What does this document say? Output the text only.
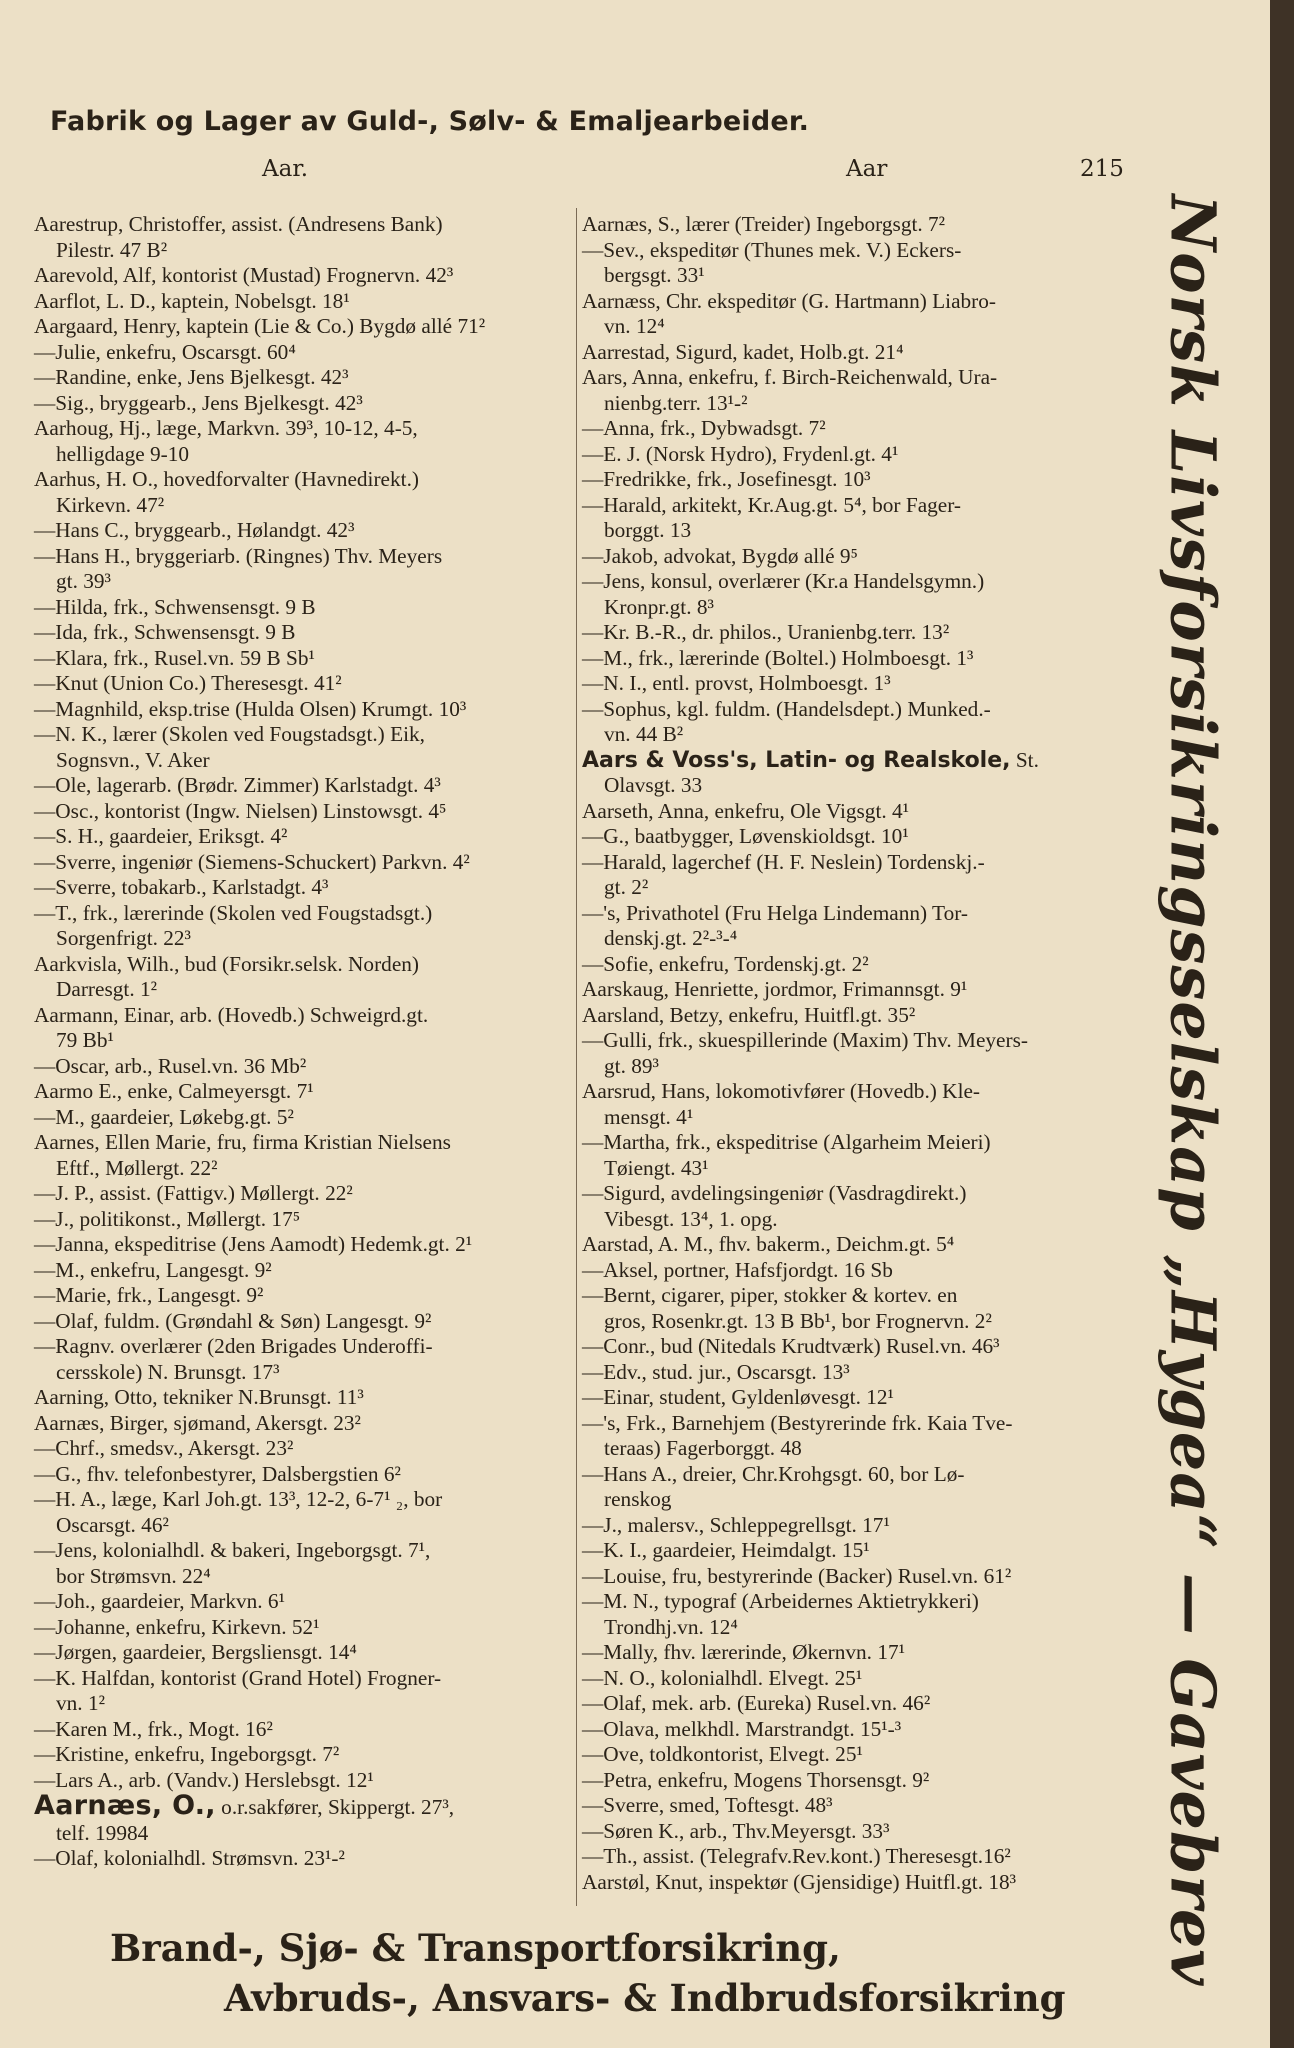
Fabrik og Lager av Guld-, Sølv- & Emaljearbeider.
Aar.	Aar	215
Aarestrup, Christoffer, assist. (Andresens Bank)
Pilestr. 47 B²
Aarevold, Alf, kontorist (Mustad) Frognervn. 42³
Aarflot, L. D., kaptein, Nobelsgt. 18¹
Aargaard, Henry, kaptein (Lie & Co.) Bygdø allé 71²
—Julie, enkefru, Oscarsgt. 60⁴
—Randine, enke, Jens Bjelkesgt. 42³
—Sig., bryggearb., Jens Bjelkesgt. 42³
Aarhoug, Hj., læge, Markvn. 39³, 10-12, 4-5,
helligdage 9-10
Aarhus, H. O., hovedforvalter (Havnedirekt.)
Kirkevn. 47²
—Hans C., bryggearb., Hølandgt. 42³
—Hans H., bryggeriarb. (Ringnes) Thv. Meyers
gt. 39³
—Hilda, frk., Schwensensgt. 9 B
—Ida, frk., Schwensensgt. 9 B
—Klara, frk., Rusel.vn. 59 B Sb¹
—Knut (Union Co.) Theresesgt. 41²
—Magnhild, eksp.trise (Hulda Olsen) Krumgt. 10³
—N. K., lærer (Skolen ved Fougstadsgt.) Eik,
Sognsvn., V. Aker
—Ole, lagerarb. (Brødr. Zimmer) Karlstadgt. 4³
—Osc., kontorist (Ingw. Nielsen) Linstowsgt. 4⁵
—S. H., gaardeier, Eriksgt. 4²
—Sverre, ingeniør (Siemens-Schuckert) Parkvn. 4²
—Sverre, tobakarb., Karlstadgt. 4³
—T., frk., lærerinde (Skolen ved Fougstadsgt.)
Sorgenfrigt. 22³
Aarkvisla, Wilh., bud (Forsikr.selsk. Norden)
Darresgt. 1²
Aarmann, Einar, arb. (Hovedb.) Schweigrd.gt.
79 Bb¹
—Oscar, arb., Rusel.vn. 36 Mb²
Aarmo E., enke, Calmeyersgt. 7¹
—M., gaardeier, Løkebg.gt. 5²
Aarnes, Ellen Marie, fru, firma Kristian Nielsens
Eftf., Møllergt. 22²
—J. P., assist. (Fattigv.) Møllergt. 22²
—J., politikonst., Møllergt. 17⁵
—Janna, ekspeditrise (Jens Aamodt) Hedemk.gt. 2¹
—M., enkefru, Langesgt. 9²
—Marie, frk., Langesgt. 9²
—Olaf, fuldm. (Grøndahl & Søn) Langesgt. 9²
—Ragnv. overlærer (2den Brigades Underoffi-
cersskole) N. Brunsgt. 17³
Aarning, Otto, tekniker N.Brunsgt. 11³
Aarnæs, Birger, sjømand, Akersgt. 23²
—Chrf., smedsv., Akersgt. 23²
—G., fhv. telefonbestyrer, Dalsbergstien 6²
—H. A., læge, Karl Joh.gt. 13³, 12-2, 6-7¹ ₂, bor
Oscarsgt. 46²
—Jens, kolonialhdl. & bakeri, Ingeborgsgt. 7¹,
bor Strømsvn. 22⁴
—Joh., gaardeier, Markvn. 6¹
—Johanne, enkefru, Kirkevn. 52¹
—Jørgen, gaardeier, Bergsliensgt. 14⁴
—K. Halfdan, kontorist (Grand Hotel) Frogner-
vn. 1²
—Karen M., frk., Mogt. 16²
—Kristine, enkefru, Ingeborgsgt. 7²
—Lars A., arb. (Vandv.) Herslebsgt. 12¹
Aarnæs, O., o.r.sakfører, Skippergt. 27³,
telf. 19984
—Olaf, kolonialhdl. Strømsvn. 23¹-²
Aarnæs, S., lærer (Treider) Ingeborgsgt. 7²
—Sev., ekspeditør (Thunes mek. V.) Eckers-
bergsgt. 33¹
Aarnæss, Chr. ekspeditør (G. Hartmann) Liabro-
vn. 12⁴
Aarrestad, Sigurd, kadet, Holb.gt. 21⁴
Aars, Anna, enkefru, f. Birch-Reichenwald, Ura-
nienbg.terr. 13¹-²
—Anna, frk., Dybwadsgt. 7²
—E. J. (Norsk Hydro), Frydenl.gt. 4¹
—Fredrikke, frk., Josefinesgt. 10³
—Harald, arkitekt, Kr.Aug.gt. 5⁴, bor Fager-
borggt. 13
—Jakob, advokat, Bygdø allé 9⁵
—Jens, konsul, overlærer (Kr.a Handelsgymn.)
Kronpr.gt. 8³
—Kr. B.-R., dr. philos., Uranienbg.terr. 13²
—M., frk., lærerinde (Boltel.) Holmboesgt. 1³
—N. I., entl. provst, Holmboesgt. 1³
—Sophus, kgl. fuldm. (Handelsdept.) Munked.-
vn. 44 B²
Aars & Voss's, Latin- og Realskole, St.
Olavsgt. 33
Aarseth, Anna, enkefru, Ole Vigsgt. 4¹
—G., baatbygger, Løvenskioldsgt. 10¹
—Harald, lagerchef (H. F. Neslein) Tordenskj.-
gt. 2²
—'s, Privathotel (Fru Helga Lindemann) Tor-
denskj.gt. 2²-³-⁴
—Sofie, enkefru, Tordenskj.gt. 2²
Aarskaug, Henriette, jordmor, Frimannsgt. 9¹
Aarsland, Betzy, enkefru, Huitfl.gt. 35²
—Gulli, frk., skuespillerinde (Maxim) Thv. Meyers-
gt. 89³
Aarsrud, Hans, lokomotivfører (Hovedb.) Kle-
mensgt. 4¹
—Martha, frk., ekspeditrise (Algarheim Meieri)
Tøiengt. 43¹
—Sigurd, avdelingsingeniør (Vasdragdirekt.)
Vibesgt. 13⁴, 1. opg.
Aarstad, A. M., fhv. bakerm., Deichm.gt. 5⁴
—Aksel, portner, Hafsfjordgt. 16 Sb
—Bernt, cigarer, piper, stokker & kortev. en
gros, Rosenkr.gt. 13 B Bb¹, bor Frognervn. 2²
—Conr., bud (Nitedals Krudtværk) Rusel.vn. 46³
—Edv., stud. jur., Oscarsgt. 13³
—Einar, student, Gyldenløvesgt. 12¹
—'s, Frk., Barnehjem (Bestyrerinde frk. Kaia Tve-
teraas) Fagerborggt. 48
—Hans A., dreier, Chr.Krohgsgt. 60, bor Lø-
renskog
—J., malersv., Schleppegrellsgt. 17¹
—K. I., gaardeier, Heimdalgt. 15¹
—Louise, fru, bestyrerinde (Backer) Rusel.vn. 61²
—M. N., typograf (Arbeidernes Aktietrykkeri)
Trondhj.vn. 12⁴
—Mally, fhv. lærerinde, Økernvn. 17¹
—N. O., kolonialhdl. Elvegt. 25¹
—Olaf, mek. arb. (Eureka) Rusel.vn. 46²
—Olava, melkhdl. Marstrandgt. 15¹-³
—Ove, toldkontorist, Elvegt. 25¹
—Petra, enkefru, Mogens Thorsensgt. 9²
—Sverre, smed, Toftesgt. 48³
—Søren K., arb., Thv.Meyersgt. 33³
—Th., assist. (Telegrafv.Rev.kont.) Theresesgt.16²
Aarstøl, Knut, inspektør (Gjensidige) Huitfl.gt. 18³	Norsk Livsforsikringsselskap „Hygea“ — Gavebrev
Brand-, Sjø- & Transportforsikring,
Avbruds-, Ansvars- & Indbrudsforsikring
